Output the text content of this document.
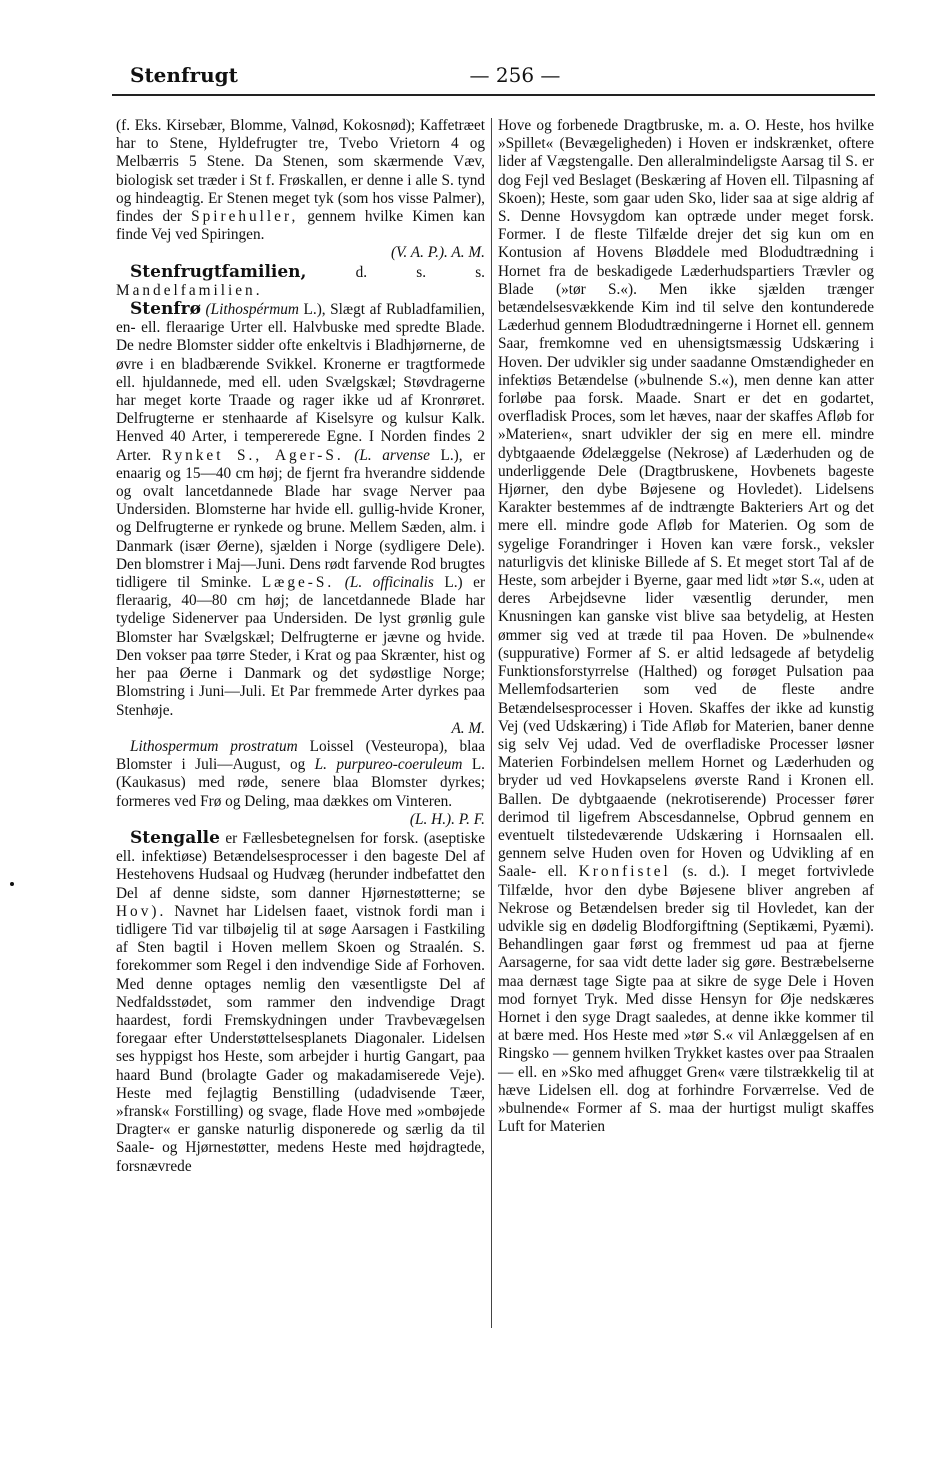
Stenfrugt	— 256 —

(f. Eks. Kirsebær, Blomme, Valnød, Kokosnød); Kaffetræet har to Stene, Hyldefrugter tre, Tvebo Vrietorn 4 og Melbærris 5 Stene. Da Stenen, som skærmende Væv, biologisk set træder i St f. Frøskallen, er denne i alle S. tynd og hindeagtig. Er Stenen meget tyk (som hos visse Palmer), findes der Spirehuller, gennem hvilke Kimen kan finde Vej ved Spiringen.

(V. A. P.). A. M.

Stenfrugtfamilien,	d. s. s. Mandelfamilien.

Stenfrø (Lithospérmum L.), Slægt af Rubladfamilien, en- ell. fleraarige Urter ell. Halvbuske med spredte Blade. De nedre Blomster sidder ofte enkeltvis i Bladhjørnerne, de øvre i en bladbærende Svikkel. Kronerne er tragtformede ell. hjuldannede, med ell. uden Svælgskæl; Støvdragerne har meget korte Traade og rager ikke ud af Kronrøret. Delfrugterne er stenhaarde af Kiselsyre og kulsur Kalk. Henved 40 Arter, i tempererede Egne. I Norden findes 2 Arter. Rynket S., Ager-S. (L. arvense L.), er enaarig og 15—40 cm høj; de fjernt fra hverandre siddende og ovalt lancetdannede Blade har svage Nerver paa Undersiden. Blomsterne har hvide ell. gullig-hvide Kroner, og Delfrugterne er rynkede og brune. Mellem Sæden, alm. i Danmark (især Øerne), sjælden i Norge (sydligere Dele). Den blomstrer i Maj—Juni. Dens rødt farvende Rod brugtes tidligere til Sminke. Læge-S. (L. officinalis L.) er fleraarig, 40—80 cm høj; de lancetdannede Blade har tydelige Sidenerver paa Undersiden. De lyst grønlig gule Blomster har Svælgskæl; Delfrugterne er jævne og hvide. Den vokser paa tørre Steder, i Krat og paa Skrænter, hist og her paa Øerne i Danmark og det sydøstlige Norge; Blomstring i Juni—Juli. Et Par fremmede Arter dyrkes paa Stenhøje.

A. M.

Lithospermum prostratum Loissel (Vesteuropa), blaa Blomster i Juli—August, og L. purpureo-coeruleum L. (Kaukasus) med røde, senere blaa Blomster dyrkes; formeres ved Frø og Deling, maa dækkes om Vinteren.

(L. H.). P. F.

Stengalle er Fællesbetegnelsen for forsk. (aseptiske ell. infektiøse) Betændelsesprocesser i den bageste Del af Hestehovens Hudsaal og Hudvæg (herunder indbefattet den Del af denne sidste, som danner Hjørnestøtterne; se Hov). Navnet har Lidelsen faaet, vistnok fordi man i tidligere Tid var tilbøjelig til at søge Aarsagen i Fastkiling af Sten bagtil i Hoven mellem Skoen og Straalén. S. forekommer som Regel i den indvendige Side af Forhoven. Med denne optages nemlig den væsentligste Del af Nedfaldsstødet, som rammer den indvendige Dragt haardest, fordi Fremskydningen under Travbevægelsen foregaar efter Understøttelsesplanets Diagonaler. Lidelsen ses hyppigst hos Heste, som arbejder i hurtig Gangart, paa haard Bund (brolagte Gader og makadamiserede Veje). Heste med fejlagtig Benstilling (udadvisende Tæer, »fransk« Forstilling) og svage, flade Hove med »ombøjede Dragter« er ganske naturlig disponerede og særlig da til Saale- og Hjørnestøtter, medens Heste med højdragtede, forsnævrede

Hove og forbenede Dragtbruske, m. a. O. Heste, hos hvilke »Spillet« (Bevægeligheden) i Hoven er indskrænket, oftere lider af Vægstengalle. Den alleralmindeligste Aarsag til S. er dog Fejl ved Beslaget (Beskæring af Hoven ell. Tilpasning af Skoen); Heste, som gaar uden Sko, lider saa at sige aldrig af S. Denne Hovsygdom kan optræde under meget forsk. Former. I de fleste Tilfælde drejer det sig kun om en Kontusion af Hovens Bløddele med Blodudtrædning i Hornet fra de beskadigede Læderhudspartiers Trævler og Blade (»tør S.«). Men ikke sjælden trænger betændelsesvækkende Kim ind til selve den kontunderede Læderhud gennem Blodudtrædningerne i Hornet ell. gennem Saar, fremkomne ved en uhensigtsmæssig Udskæring i Hoven. Der udvikler sig under saadanne Omstændigheder en infektiøs Betændelse (»bulnende S.«), men denne kan atter forløbe paa forsk. Maade. Snart er det en godartet, overfladisk Proces, som let hæves, naar der skaffes Afløb for »Materien«, snart udvikler der sig en mere ell. mindre dybtgaaende Ødelæggelse (Nekrose) af Læderhuden og de underliggende Dele (Dragtbruskene, Hovbenets bageste Hjørner, den dybe Bøjesene og Hovledet). Lidelsens Karakter bestemmes af de indtrængte Bakteriers Art og det mere ell. mindre gode Afløb for Materien. Og som de sygelige Forandringer i Hoven kan være forsk., veksler naturligvis det kliniske Billede af S. Et meget stort Tal af de Heste, som arbejder i Byerne, gaar med lidt »tør S.«, uden at deres Arbejdsevne lider væsentlig derunder, men Knusningen kan ganske vist blive saa betydelig, at Hesten ømmer sig ved at træde til paa Hoven. De »bulnende« (suppurative) Former af S. er altid ledsagede af betydelig Funktionsforstyrrelse (Halthed) og forøget Pulsation paa Mellemfodsarterien som ved de fleste andre Betændelsesprocesser i Hoven. Skaffes der ikke ad kunstig Vej (ved Udskæring) i Tide Afløb for Materien, baner denne sig selv Vej udad. Ved de overfladiske Processer løsner Materien Forbindelsen mellem Hornet og Læderhuden og bryder ud ved Hovkapselens øverste Rand i Kronen ell. Ballen. De dybtgaaende (nekrotiserende) Processer fører derimod til ligefrem Abscesdannelse, Opbrud gennem en eventuelt tilstedeværende Udskæring i Hornsaalen ell. gennem selve Huden oven for Hoven og Udvikling af en Saale- ell. Kronfistel (s. d.). I meget fortvivlede Tilfælde, hvor den dybe Bøjesene bliver angreben af Nekrose og Betændelsen breder sig til Hovledet, kan der udvikle sig en dødelig Blodforgiftning (Septikæmi, Pyæmi). Behandlingen gaar først og fremmest ud paa at fjerne Aarsagerne, for saa vidt dette lader sig gøre. Bestræbelserne maa dernæst tage Sigte paa at sikre de syge Dele i Hoven mod fornyet Tryk. Med disse Hensyn for Øje nedskæres Hornet i den syge Dragt saaledes, at denne ikke kommer til at bære med. Hos Heste med »tør S.« vil Anlæggelsen af en Ringsko — gennem hvilken Trykket kastes over paa Straalen — ell. en »Sko med afhugget Gren« være tilstrækkelig til at hæve Lidelsen ell. dog at forhindre Forværrelse. Ved de »bulnende« Former af S. maa der hurtigst muligt skaffes Luft for Materien
